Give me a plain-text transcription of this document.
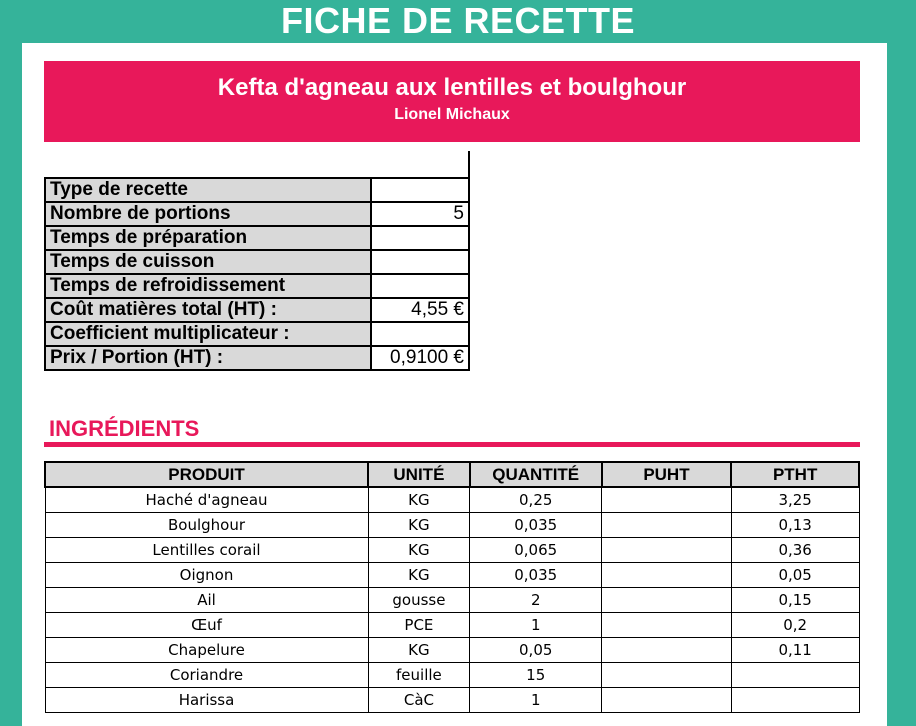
FICHE DE RECETTE
Kefta d'agneau aux lentilles et boulghour
Lionel Michaux
Type de recette	
Nombre de portions	5
Temps de préparation	
Temps de cuisson	
Temps de refroidissement	
Coût matières total (HT) :	4,55 €
Coefficient multiplicateur :	
Prix / Portion (HT) :	0,9100 €
INGRÉDIENTS
PRODUIT	UNITÉ	QUANTITÉ	PUHT	PTHT
Haché d'agneau	KG	0,25		3,25
Boulghour	KG	0,035		0,13
Lentilles corail	KG	0,065		0,36
Oignon	KG	0,035		0,05
Ail	gousse	2		0,15
Œuf	PCE	1		0,2
Chapelure	KG	0,05		0,11
Coriandre	feuille	15		
Harissa	CàC	1		
